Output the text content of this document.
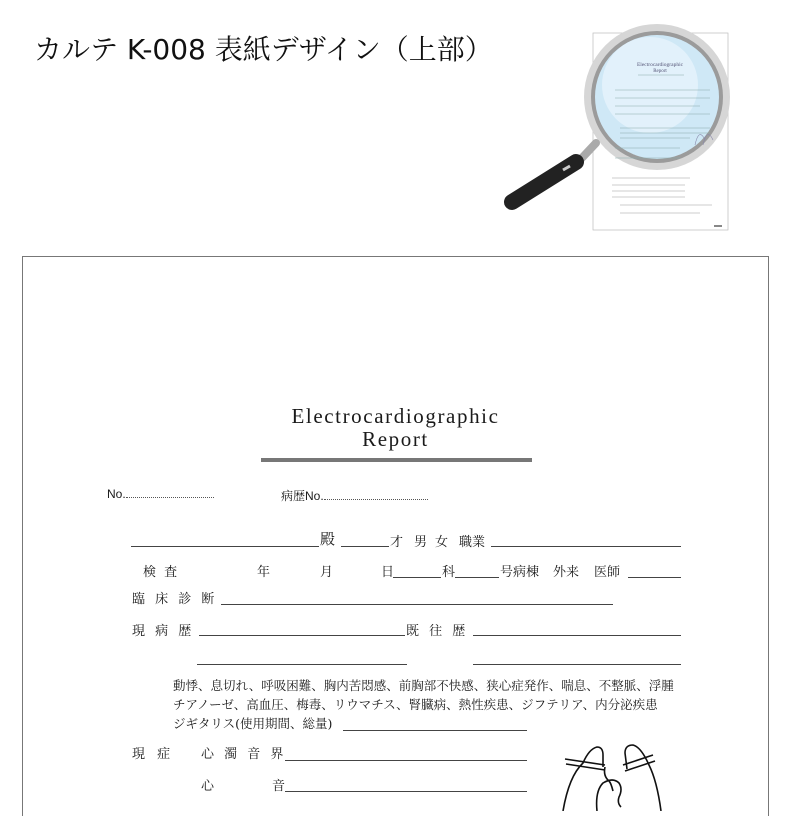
カルテ K-008 表紙デザイン（上部）	Electrocardiographic
Report
Electrocardiographic
Report
No.	病歴No.
殿	才 男 女 職業
検 査	年	月	日	科	号病棟 外来 医師
臨 床 診 断
現 病 歴	既 往 歴
動悸、息切れ、呼吸困難、胸内苦悶感、前胸部不快感、狭心症発作、喘息、不整脈、浮腫
チアノーゼ、高血圧、梅毒、リウマチス、腎臓病、熱性疾患、ジフテリア、内分泌疾患
ジギタリス(使用期間、総量)
現 症 心 濁 音 界
心	音
